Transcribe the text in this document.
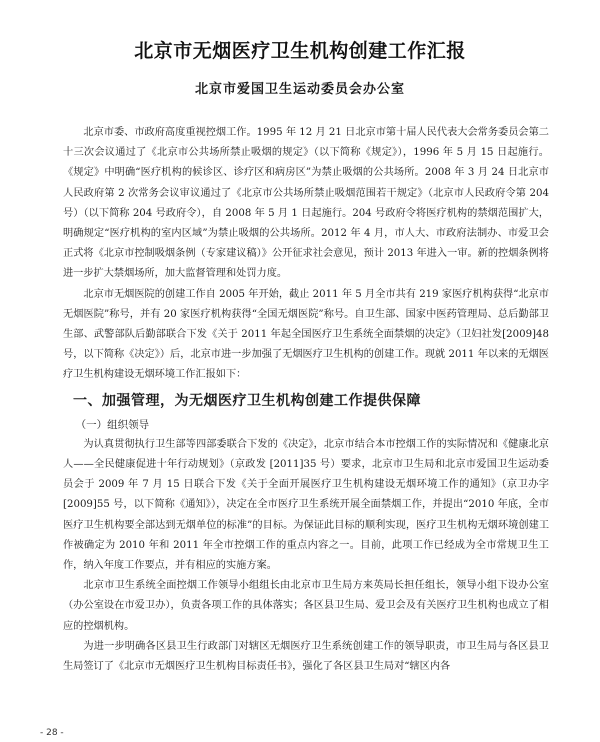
北京市无烟医疗卫生机构创建工作汇报
北京市爱国卫生运动委员会办公室

北京市委、市政府高度重视控烟工作。1995 年 12 月 21 日北京市第十届人民代表大会常务委员会第二十三次会议通过了《北京市公共场所禁止吸烟的规定》（以下简称《规定》），1996 年 5 月 15 日起施行。《规定》中明确“医疗机构的候诊区、诊疗区和病房区”为禁止吸烟的公共场所。2008 年 3 月 24 日北京市人民政府第 2 次常务会议审议通过了《北京市公共场所禁止吸烟范围若干规定》（北京市人民政府令第 204 号）（以下简称 204 号政府令），自 2008 年 5 月 1 日起施行。204 号政府令将医疗机构的禁烟范围扩大，明确规定“医疗机构的室内区域”为禁止吸烟的公共场所。2012 年 4 月，市人大、市政府法制办、市爱卫会正式将《北京市控制吸烟条例（专家建议稿）》公开征求社会意见，预计 2013 年进入一审。新的控烟条例将进一步扩大禁烟场所，加大监督管理和处罚力度。

北京市无烟医院的创建工作自 2005 年开始，截止 2011 年 5 月全市共有 219 家医疗机构获得“北京市无烟医院”称号，并有 20 家医疗机构获得“全国无烟医院”称号。自卫生部、国家中医药管理局、总后勤部卫生部、武警部队后勤部联合下发《关于 2011 年起全国医疗卫生系统全面禁烟的决定》（卫妇社发[2009]48 号，以下简称《决定》）后，北京市进一步加强了无烟医疗卫生机构的创建工作。现就 2011 年以来的无烟医疗卫生机构建设无烟环境工作汇报如下：

一、加强管理，为无烟医疗卫生机构创建工作提供保障

（一）组织领导

为认真贯彻执行卫生部等四部委联合下发的《决定》，北京市结合本市控烟工作的实际情况和《健康北京人——全民健康促进十年行动规划》（京政发 [2011]35 号）要求，北京市卫生局和北京市爱国卫生运动委员会于 2009 年 7 月 15 日联合下发《关于全面开展医疗卫生机构建设无烟环境工作的通知》（京卫办字[2009]55 号，以下简称《通知》），决定在全市医疗卫生系统开展全面禁烟工作，并提出“2010 年底，全市医疗卫生机构要全部达到无烟单位的标准”的目标。为保证此目标的顺利实现，医疗卫生机构无烟环境创建工作被确定为 2010 年和 2011 年全市控烟工作的重点内容之一。目前，此项工作已经成为全市常规卫生工作，纳入年度工作要点，并有相应的实施方案。

北京市卫生系统全面控烟工作领导小组组长由北京市卫生局方来英局长担任组长，领导小组下设办公室（办公室设在市爱卫办），负责各项工作的具体落实；各区县卫生局、爱卫会及有关医疗卫生机构也成立了相应的控烟机构。

为进一步明确各区县卫生行政部门对辖区无烟医疗卫生系统创建工作的领导职责，市卫生局与各区县卫生局签订了《北京市无烟医疗卫生机构目标责任书》，强化了各区县卫生局对“辖区内各

- 28 -
